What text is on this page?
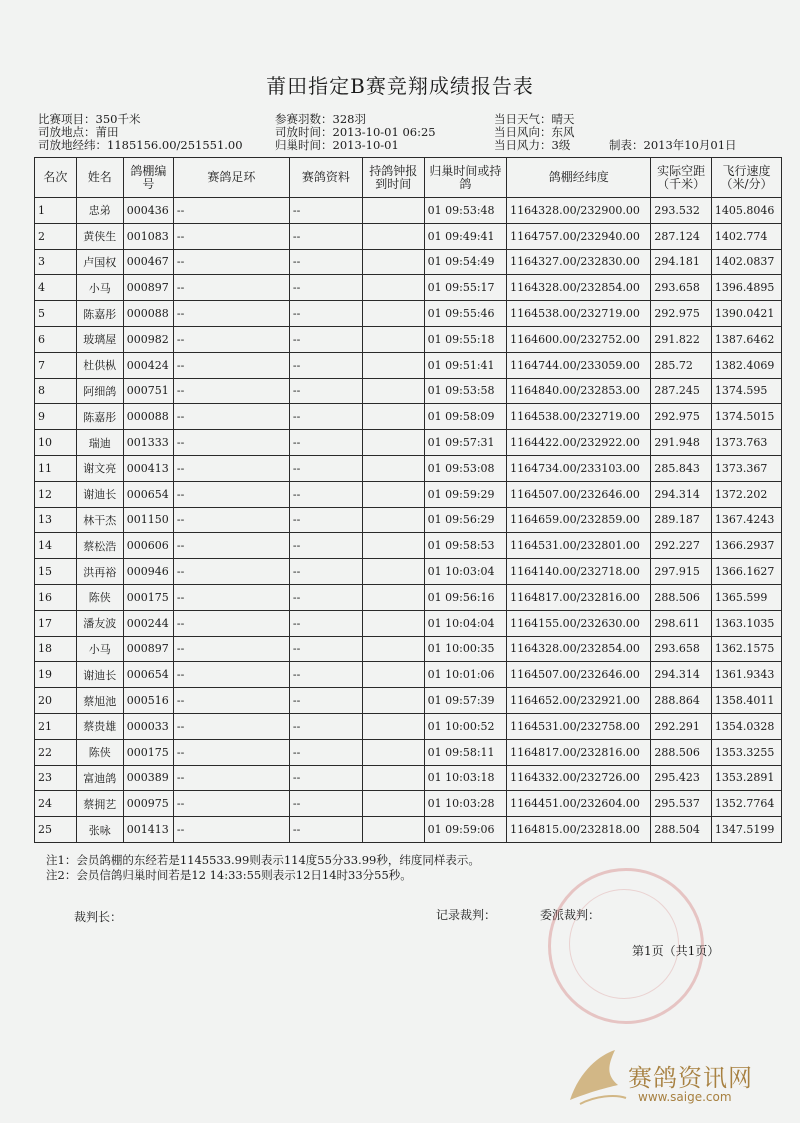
莆田指定B赛竞翔成绩报告表
比赛项目：350千米
司放地点：莆田
司放地经纬：1185156.00/251551.00
参赛羽数：328羽
司放时间：2013-10-01 06:25
归巢时间：2013-10-01
当日天气：晴天
当日风向：东风
当日风力：3级	制表：2013年10月01日
名次	姓名	鸽棚编号	赛鸽足环	赛鸽资料	持鸽钟报到时间	归巢时间或持鸽	鸽棚经纬度	实际空距（千米）	飞行速度（米/分）
1	忠弟	000436	--	--		01 09:53:48	1164328.00/232900.00	293.532	1405.8046
2	黄侠生	001083	--	--		01 09:49:41	1164757.00/232940.00	287.124	1402.774
3	卢国权	000467	--	--		01 09:54:49	1164327.00/232830.00	294.181	1402.0837
4	小马	000897	--	--		01 09:55:17	1164328.00/232854.00	293.658	1396.4895
5	陈嘉彤	000088	--	--		01 09:55:46	1164538.00/232719.00	292.975	1390.0421
6	玻璃屋	000982	--	--		01 09:55:18	1164600.00/232752.00	291.822	1387.6462
7	杜供枞	000424	--	--		01 09:51:41	1164744.00/233059.00	285.72	1382.4069
8	阿细鸽	000751	--	--		01 09:53:58	1164840.00/232853.00	287.245	1374.595
9	陈嘉彤	000088	--	--		01 09:58:09	1164538.00/232719.00	292.975	1374.5015
10	瑞迪	001333	--	--		01 09:57:31	1164422.00/232922.00	291.948	1373.763
11	谢文亮	000413	--	--		01 09:53:08	1164734.00/233103.00	285.843	1373.367
12	谢迪长	000654	--	--		01 09:59:29	1164507.00/232646.00	294.314	1372.202
13	林干杰	001150	--	--		01 09:56:29	1164659.00/232859.00	289.187	1367.4243
14	蔡松浩	000606	--	--		01 09:58:53	1164531.00/232801.00	292.227	1366.2937
15	洪再裕	000946	--	--		01 10:03:04	1164140.00/232718.00	297.915	1366.1627
16	陈侠	000175	--	--		01 09:56:16	1164817.00/232816.00	288.506	1365.599
17	潘友波	000244	--	--		01 10:04:04	1164155.00/232630.00	298.611	1363.1035
18	小马	000897	--	--		01 10:00:35	1164328.00/232854.00	293.658	1362.1575
19	谢迪长	000654	--	--		01 10:01:06	1164507.00/232646.00	294.314	1361.9343
20	蔡旭池	000516	--	--		01 09:57:39	1164652.00/232921.00	288.864	1358.4011
21	蔡贵雄	000033	--	--		01 10:00:52	1164531.00/232758.00	292.291	1354.0328
22	陈侠	000175	--	--		01 09:58:11	1164817.00/232816.00	288.506	1353.3255
23	富迪鸽	000389	--	--		01 10:03:18	1164332.00/232726.00	295.423	1353.2891
24	蔡拥艺	000975	--	--		01 10:03:28	1164451.00/232604.00	295.537	1352.7764
25	张咏	001413	--	--		01 09:59:06	1164815.00/232818.00	288.504	1347.5199
注1：会员鸽棚的东经若是1145533.99则表示114度55分33.99秒，纬度同样表示。
注2：会员信鸽归巢时间若是12 14:33:55则表示12日14时33分55秒。
裁判长：	记录裁判：	委派裁判：
第1页（共1页）
赛鸽资讯网
www.saige.com
